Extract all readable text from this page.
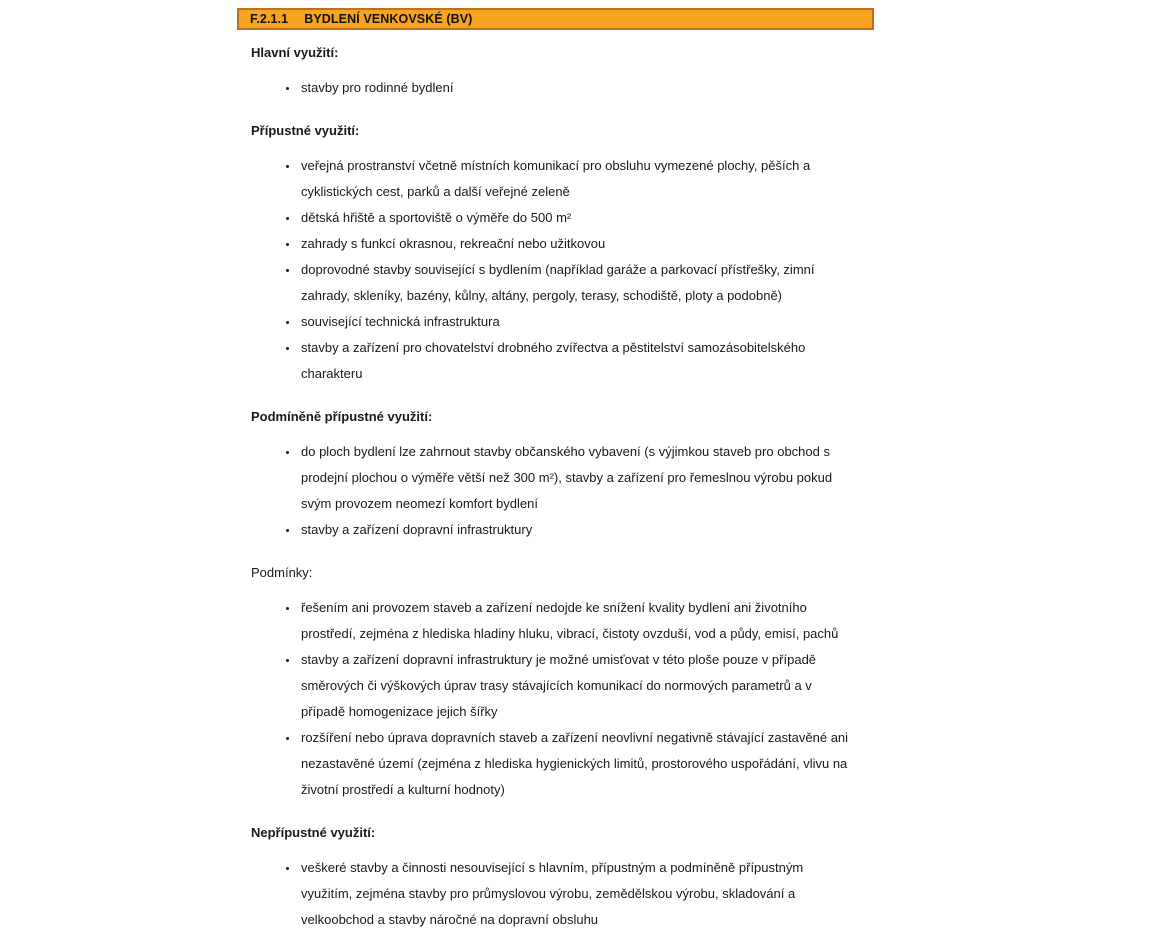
F.2.1.1 BYDLENÍ VENKOVSKÉ (BV)
Hlavní využití:
• stavby pro rodinné bydlení
Přípustné využití:
• veřejná prostranství včetně místních komunikací pro obsluhu vymezené plochy, pěších a cyklistických cest, parků a další veřejné zeleně
• dětská hřiště a sportoviště o výměře do 500 m²
• zahrady s funkcí okrasnou, rekreační nebo užitkovou
• doprovodné stavby související s bydlením (například garáže a parkovací přístřešky, zimní zahrady, skleníky, bazény, kůlny, altány, pergoly, terasy, schodiště, ploty a podobně)
• související technická infrastruktura
• stavby a zařízení pro chovatelství drobného zvířectva a pěstitelství samozásobitelského charakteru
Podmíněně přípustné využití:
• do ploch bydlení lze zahrnout stavby občanského vybavení (s výjimkou staveb pro obchod s prodejní plochou o výměře větší než 300 m²), stavby a zařízení pro řemeslnou výrobu pokud svým provozem neomezí komfort bydlení
• stavby a zařízení dopravní infrastruktury
Podmínky:
• řešením ani provozem staveb a zařízení nedojde ke snížení kvality bydlení ani životního prostředí, zejména z hlediska hladiny hluku, vibrací, čistoty ovzduší, vod a půdy, emisí, pachů
• stavby a zařízení dopravní infrastruktury je možné umisťovat v této ploše pouze v případě směrových či výškových úprav trasy stávajících komunikací do normových parametrů a v případě homogenizace jejich šířky
• rozšíření nebo úprava dopravních staveb a zařízení neovlivní negativně stávající zastavěné ani nezastavěné území (zejména z hlediska hygienických limitů, prostorového uspořádání, vlivu na životní prostředí a kulturní hodnoty)
Nepřípustné využití:
• veškeré stavby a činnosti nesouvisející s hlavním, přípustným a podmíněně přípustným využitím, zejména stavby pro průmyslovou výrobu, zemědělskou výrobu, skladování a velkoobchod a stavby náročné na dopravní obsluhu
